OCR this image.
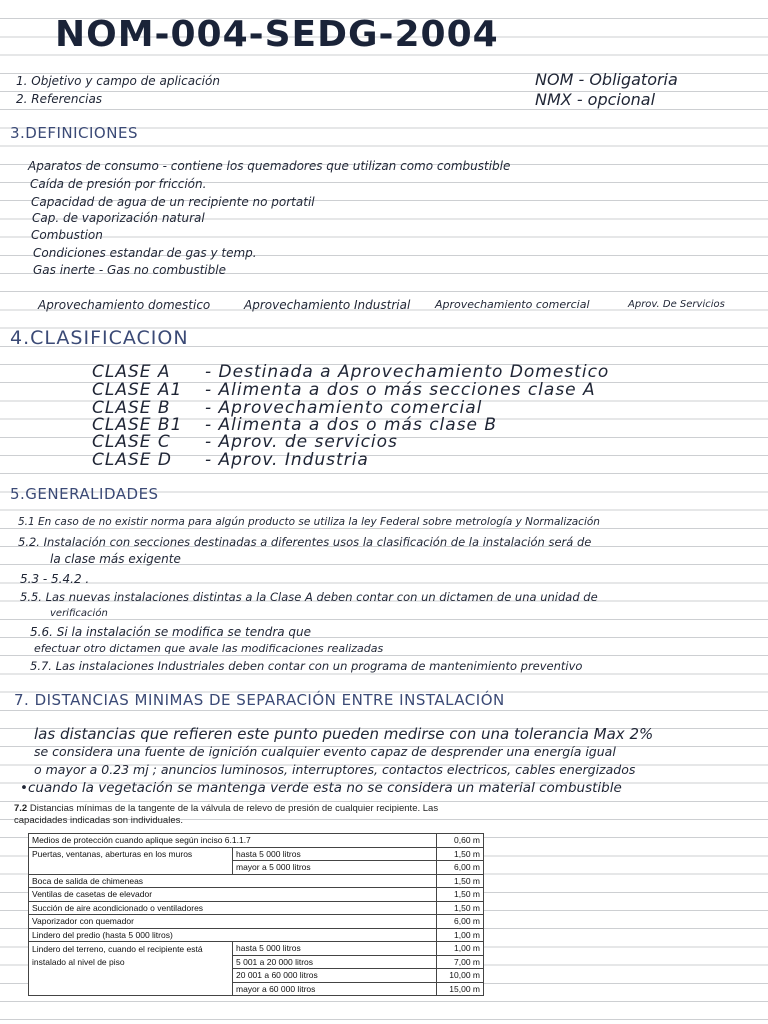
NOM-004-SEDG-2004
1. Objetivo y campo de aplicación
2. Referencias
NOM - Obligatoria
NMX - opcional
3.DEFINICIONES
Aparatos de consumo - contiene los quemadores que utilizan como combustible
Caída de presión por fricción.
Capacidad de agua de un recipiente no portatil
Cap. de vaporización natural
Combustion
Condiciones estandar de gas y temp.
Gas inerte - Gas no combustible
Aprovechamiento domestico	Aprovechamiento Industrial Aprovechamiento comercial	Aprov. De Servicios
4.CLASIFICACION
CLASE A - Destinada a Aprovechamiento Domestico
CLASE A1 - Alimenta a dos o más secciones clase A
CLASE B - Aprovechamiento comercial
CLASE B1 - Alimenta a dos o más clase B
CLASE C - Aprov. de servicios
CLASE D - Aprov. Industria
5.GENERALIDADES
5.1 En caso de no existir norma para algún producto se utiliza la ley Federal sobre metrología y Normalización
5.2. Instalación con secciones destinadas a diferentes usos la clasificación de la instalación será de
la clase más exigente
5.3 - 5.4.2 .
5.5. Las nuevas instalaciones distintas a la Clase A deben contar con un dictamen de una unidad de
verificación
5.6. Si la instalación se modifica se tendra que
efectuar otro dictamen que avale las modificaciones realizadas
5.7. Las instalaciones Industriales deben contar con un programa de mantenimiento preventivo
7. DISTANCIAS MINIMAS DE SEPARACIÓN ENTRE INSTALACIÓN
las distancias que refieren este punto pueden medirse con una tolerancia Max 2%
se considera una fuente de ignición cualquier evento capaz de desprender una energía igual
o mayor a 0.23 mj ; anuncios luminosos, interruptores, contactos electricos, cables energizados
•cuando la vegetación se mantenga verde esta no se considera un material combustible
7.2 Distancias mínimas de la tangente de la válvula de relevo de presión de cualquier recipiente. Las capacidades indicadas son individuales.
Medios de protección cuando aplique según inciso 6.1.1.7		0,60 m
Puertas, ventanas, aberturas en los muros	hasta 5 000 litros	1,50 m
	mayor a 5 000 litros	6,00 m
Boca de salida de chimeneas		1,50 m
Ventilas de casetas de elevador		1,50 m
Succión de aire acondicionado o ventiladores		1,50 m
Vaporizador con quemador		6,00 m
Lindero del predio (hasta 5 000 litros)		1,00 m
Lindero del terreno, cuando el recipiente está	hasta 5 000 litros	1,00 m
instalado al nivel de piso	5 001 a 20 000 litros	7,00 m
	20 001 a 60 000 litros	10,00 m
	mayor a 60 000 litros	15,00 m
